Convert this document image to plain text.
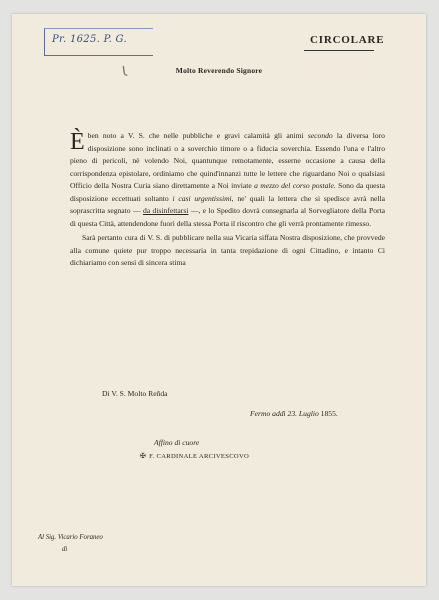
Pr. 1625. P. G.
Ɩ
CIRCOLARE
Molto Reverendo Signore

Èben noto a V. S. che nelle pubbliche e gravi calamità gli animi secondo la diversa loro disposizione sono inclinati o a soverchio timore o a fiducia soverchia. Essendo l'una e l'altro pieno di pericoli, nè volendo Noi, quantunque remotamente, esserne occasione a causa della corrispondenza epistolare, ordiniamo che quind'innanzi tutte le lettere che riguardano Noi o qualsiasi Officio della Nostra Curia siano direttamente a Noi inviate a mezzo del corso postale. Sono da questa disposizione eccettuati soltanto i casi urgentissimi, ne' quali la lettera che si spedisce avrà nella soprascritta segnato — da disinfettarsi —, e lo Spedito dovrà consegnarla al Sorvegliatore della Porta di questa Città, attendendone fuori della stessa Porta il riscontro che gli verrà prontamente rimesso.

Sarà pertanto cura di V. S. di pubblicare nella sua Vicaria siffata Nostra disposizione, che provvede alla comune quiete pur troppo necessaria in tanta trepidazione di ogni Cittadino, e intanto Ci dichiariamo con sensi di sincera stima

Di V. S. Molto Reñda
Fermo addì 23. Luglio 1855.
Affino di cuore
✠ F. CARDINALE ARCIVESCOVO
Al Sig. Vicario Foraneo
di
